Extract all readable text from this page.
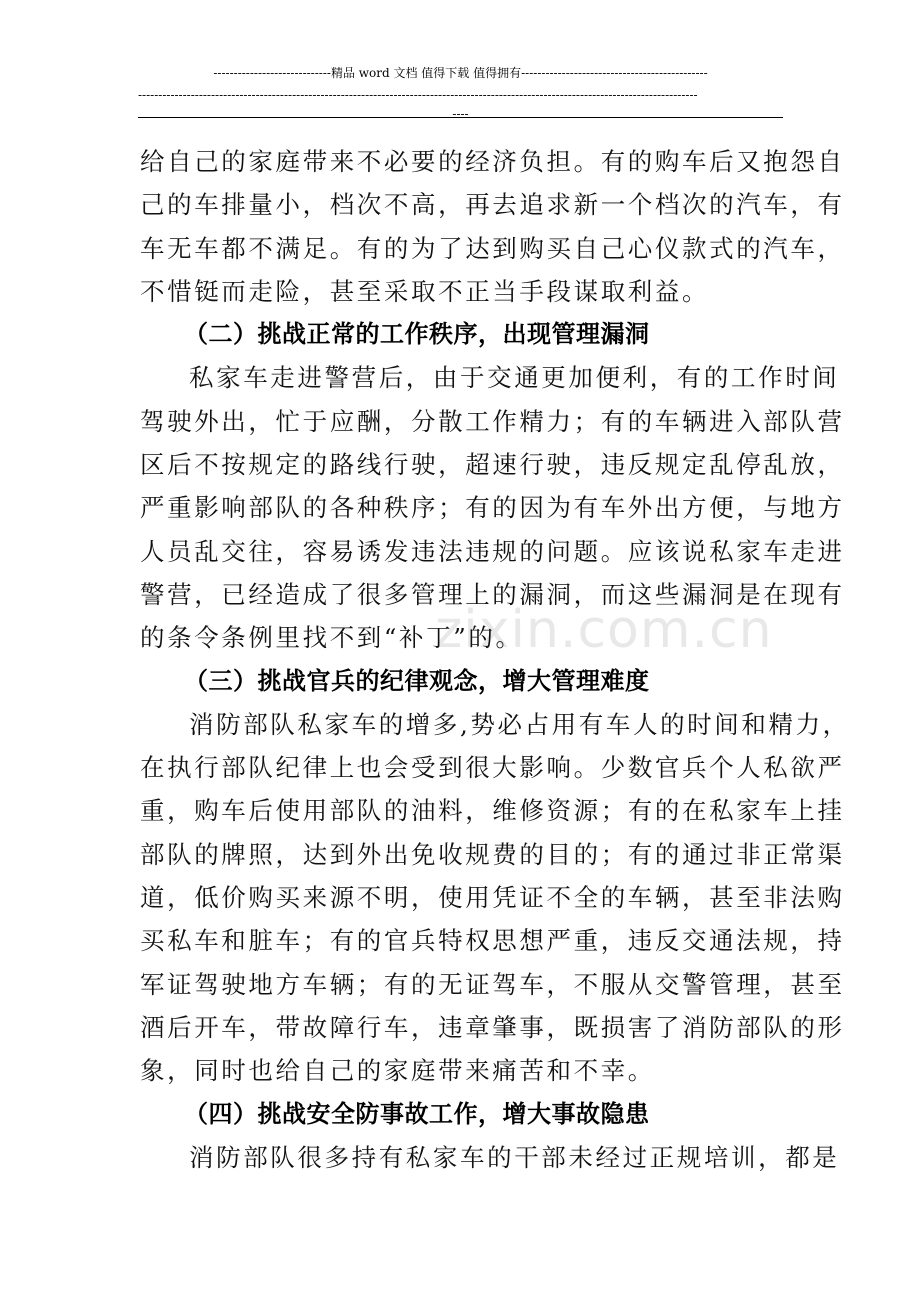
-----------------------------精品 word 文档 值得下载 值得拥有----------------------------------------------
------------------------------------------------------------------------------------------------------------------------------------------
----
zixin.com.cn
给自己的家庭带来不必要的经济负担。有的购车后又抱怨自
己的车排量小，档次不高，再去追求新一个档次的汽车，有
车无车都不满足。有的为了达到购买自己心仪款式的汽车，
不惜铤而走险，甚至采取不正当手段谋取利益。
（二）挑战正常的工作秩序，出现管理漏洞
私家车走进警营后，由于交通更加便利，有的工作时间
驾驶外出，忙于应酬，分散工作精力；有的车辆进入部队营
区后不按规定的路线行驶，超速行驶，违反规定乱停乱放，
严重影响部队的各种秩序；有的因为有车外出方便，与地方
人员乱交往，容易诱发违法违规的问题。应该说私家车走进
警营，已经造成了很多管理上的漏洞，而这些漏洞是在现有
的条令条例里找不到“补丁”的。
（三）挑战官兵的纪律观念，增大管理难度
消防部队私家车的增多,势必占用有车人的时间和精力，
在执行部队纪律上也会受到很大影响。少数官兵个人私欲严
重，购车后使用部队的油料，维修资源；有的在私家车上挂
部队的牌照，达到外出免收规费的目的；有的通过非正常渠
道，低价购买来源不明，使用凭证不全的车辆，甚至非法购
买私车和脏车；有的官兵特权思想严重，违反交通法规，持
军证驾驶地方车辆；有的无证驾车，不服从交警管理，甚至
酒后开车，带故障行车，违章肇事，既损害了消防部队的形
象，同时也给自己的家庭带来痛苦和不幸。
（四）挑战安全防事故工作，增大事故隐患
消防部队很多持有私家车的干部未经过正规培训，都是
